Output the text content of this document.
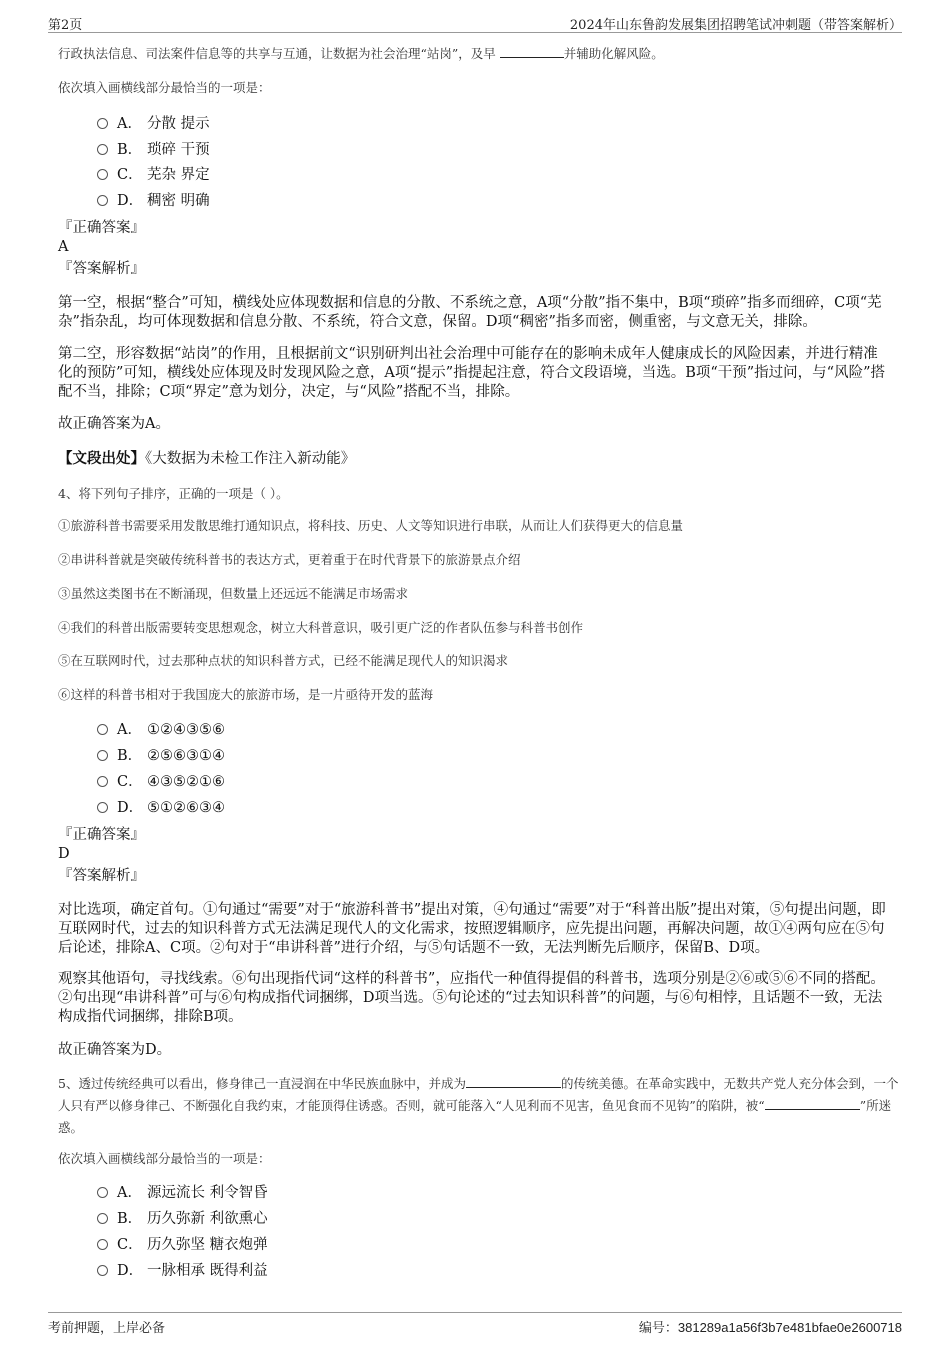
第2页	2024年山东鲁韵发展集团招聘笔试冲刺题（带答案解析）
行政执法信息、司法案件信息等的共享与互通，让数据为社会治理“站岗”，及早	并辅助化解风险。
依次填入画横线部分最恰当的一项是：
A． 分散 提示
B． 琐碎 干预
C． 芜杂 界定
D． 稠密 明确
『正确答案』
A
『答案解析』
第一空，根据“整合”可知，横线处应体现数据和信息的分散、不系统之意，A项“分散”指不集中，B项“琐碎”指多而细碎，C项“芜杂”指杂乱，均可体现数据和信息分散、不系统，符合文意，保留。D项“稠密”指多而密，侧重密，与文意无关，排除。
第二空，形容数据“站岗”的作用，且根据前文“识别研判出社会治理中可能存在的影响未成年人健康成长的风险因素，并进行精准化的预防”可知，横线处应体现及时发现风险之意，A项“提示”指提起注意，符合文段语境，当选。B项“干预”指过问，与“风险”搭配不当，排除；C项“界定”意为划分，决定，与“风险”搭配不当，排除。
故正确答案为A。
【文段出处】《大数据为未检工作注入新动能》
4、将下列句子排序，正确的一项是（ ）。
①旅游科普书需要采用发散思维打通知识点，将科技、历史、人文等知识进行串联，从而让人们获得更大的信息量
②串讲科普就是突破传统科普书的表达方式，更着重于在时代背景下的旅游景点介绍
③虽然这类图书在不断涌现，但数量上还远远不能满足市场需求
④我们的科普出版需要转变思想观念，树立大科普意识，吸引更广泛的作者队伍参与科普书创作
⑤在互联网时代，过去那种点状的知识科普方式，已经不能满足现代人的知识渴求
⑥这样的科普书相对于我国庞大的旅游市场，是一片亟待开发的蓝海
A． ①②④③⑤⑥
B． ②⑤⑥③①④
C． ④③⑤②①⑥
D． ⑤①②⑥③④
『正确答案』
D
『答案解析』
对比选项，确定首句。①句通过“需要”对于“旅游科普书”提出对策，④句通过“需要”对于“科普出版”提出对策，⑤句提出问题，即互联网时代，过去的知识科普方式无法满足现代人的文化需求，按照逻辑顺序，应先提出问题，再解决问题，故①④两句应在⑤句后论述，排除A、C项。②句对于“串讲科普”进行介绍，与⑤句话题不一致，无法判断先后顺序，保留B、D项。
观察其他语句，寻找线索。⑥句出现指代词“这样的科普书”，应指代一种值得提倡的科普书，选项分别是②⑥或⑤⑥不同的搭配。②句出现“串讲科普”可与⑥句构成指代词捆绑，D项当选。⑤句论述的“过去知识科普”的问题，与⑥句相悖，且话题不一致，无法构成指代词捆绑，排除B项。
故正确答案为D。
5、透过传统经典可以看出，修身律己一直浸润在中华民族血脉中，并成为	的传统美德。在革命实践中，无数共产党人充分体会到，一个人只有严以修身律己、不断强化自我约束，才能顶得住诱惑。否则，就可能落入“人见利而不见害，鱼见食而不见钩”的陷阱，被“	”所迷惑。
依次填入画横线部分最恰当的一项是：
A． 源远流长 利令智昏
B． 历久弥新 利欲熏心
C． 历久弥坚 糖衣炮弹
D． 一脉相承 既得利益
考前押题，上岸必备	编号：381289a1a56f3b7e481bfae0e2600718
